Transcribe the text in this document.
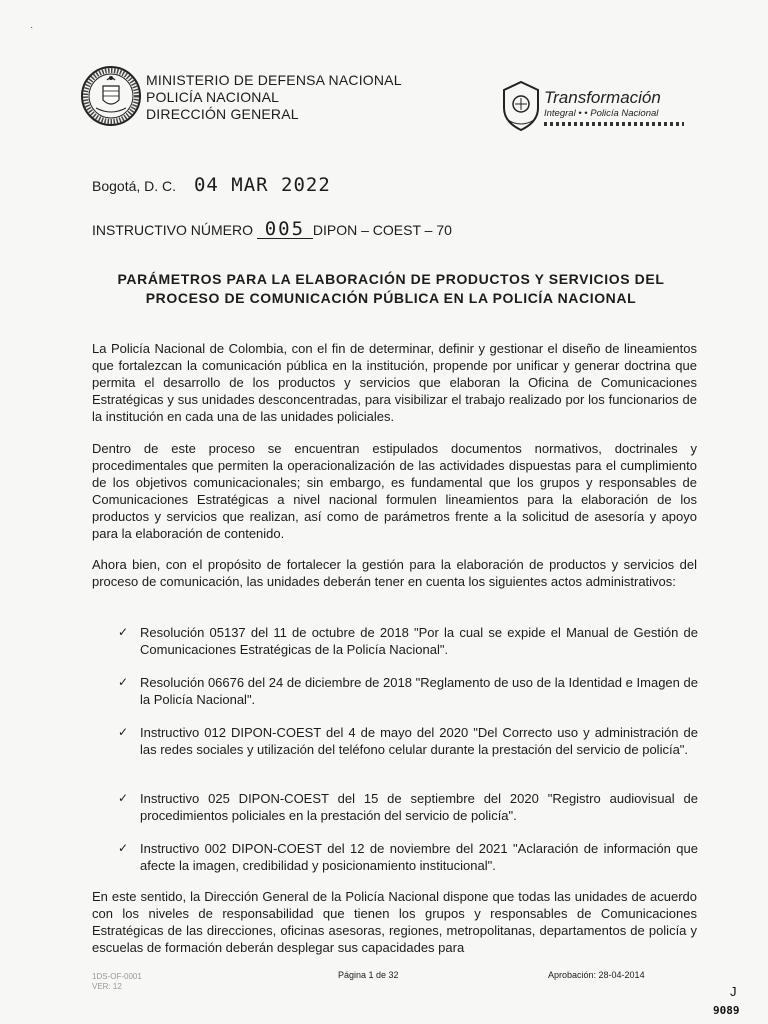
·
MINISTERIO DE DEFENSA NACIONAL
POLICÍA NACIONAL
DIRECCIÓN GENERAL
Transformación
Integral • • Policía Nacional
Bogotá, D. C. 04 MAR 2022
INSTRUCTIVO NÚMERO 005 DIPON – COEST – 70
PARÁMETROS PARA LA ELABORACIÓN DE PRODUCTOS Y SERVICIOS DEL PROCESO DE COMUNICACIÓN PÚBLICA EN LA POLICÍA NACIONAL
La Policía Nacional de Colombia, con el fin de determinar, definir y gestionar el diseño de lineamientos que fortalezcan la comunicación pública en la institución, propende por unificar y generar doctrina que permita el desarrollo de los productos y servicios que elaboran la Oficina de Comunicaciones Estratégicas y sus unidades desconcentradas, para visibilizar el trabajo realizado por los funcionarios de la institución en cada una de las unidades policiales.
Dentro de este proceso se encuentran estipulados documentos normativos, doctrinales y procedimentales que permiten la operacionalización de las actividades dispuestas para el cumplimiento de los objetivos comunicacionales; sin embargo, es fundamental que los grupos y responsables de Comunicaciones Estratégicas a nivel nacional formulen lineamientos para la elaboración de los productos y servicios que realizan, así como de parámetros frente a la solicitud de asesoría y apoyo para la elaboración de contenido.
Ahora bien, con el propósito de fortalecer la gestión para la elaboración de productos y servicios del proceso de comunicación, las unidades deberán tener en cuenta los siguientes actos administrativos:
✓ Resolución 05137 del 11 de octubre de 2018 "Por la cual se expide el Manual de Gestión de Comunicaciones Estratégicas de la Policía Nacional".
✓ Resolución 06676 del 24 de diciembre de 2018 "Reglamento de uso de la Identidad e Imagen de la Policía Nacional".
✓ Instructivo 012 DIPON-COEST del 4 de mayo del 2020 "Del Correcto uso y administración de las redes sociales y utilización del teléfono celular durante la prestación del servicio de policía".
✓ Instructivo 025 DIPON-COEST del 15 de septiembre del 2020 "Registro audiovisual de procedimientos policiales en la prestación del servicio de policía".
✓ Instructivo 002 DIPON-COEST del 12 de noviembre del 2021 "Aclaración de información que afecte la imagen, credibilidad y posicionamiento institucional".
En este sentido, la Dirección General de la Policía Nacional dispone que todas las unidades de acuerdo con los niveles de responsabilidad que tienen los grupos y responsables de Comunicaciones Estratégicas de las direcciones, oficinas asesoras, regiones, metropolitanas, departamentos de policía y escuelas de formación deberán desplegar sus capacidades para
1DS-OF-0001
VER: 12
Página 1 de 32	Aprobación: 28-04-2014
J
9089
